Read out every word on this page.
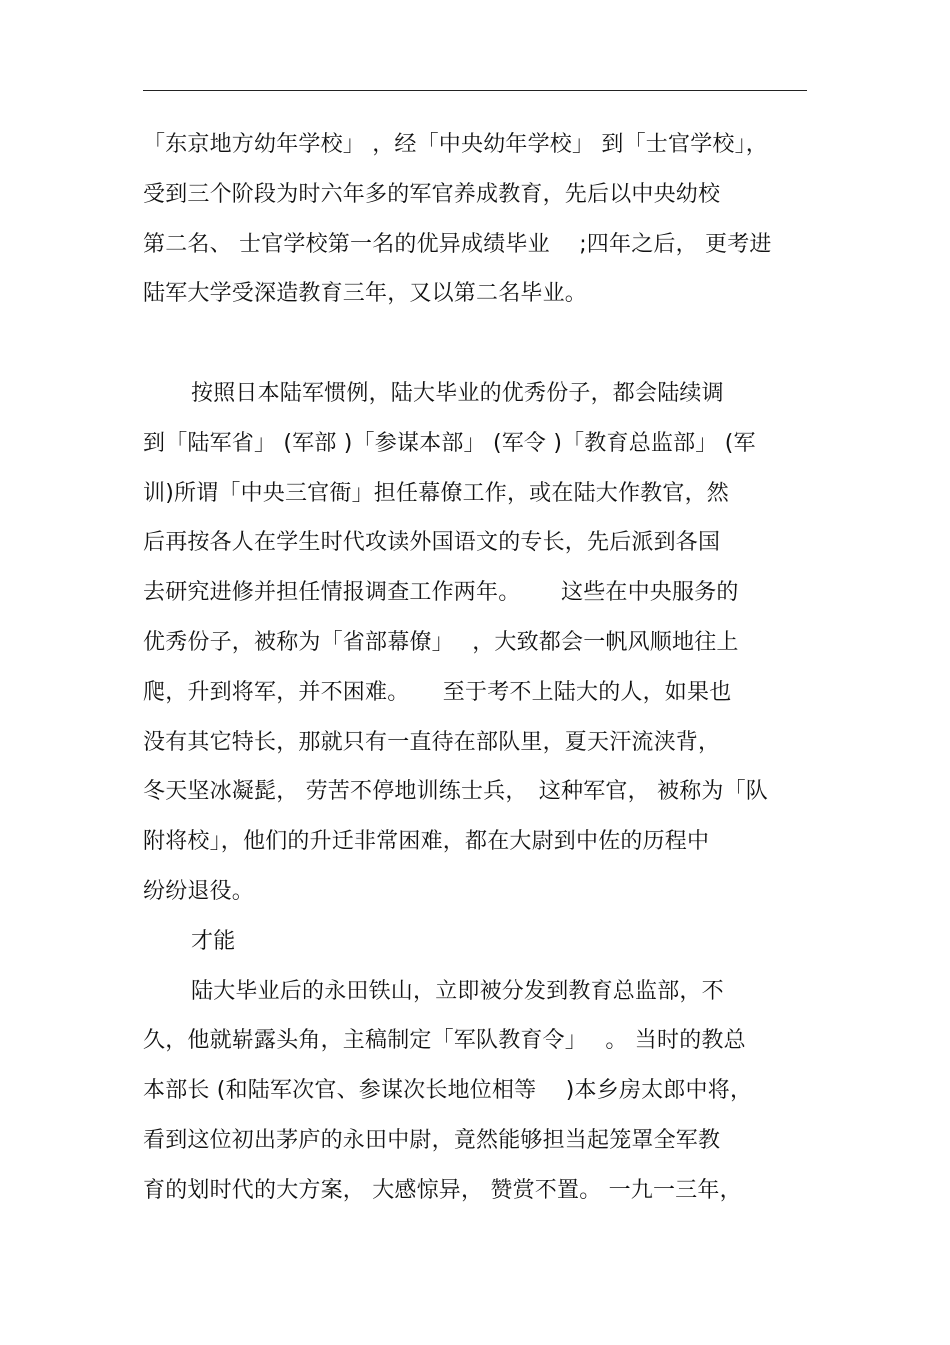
「东京地方幼年学校」 ，经「中央幼年学校」 到「士官学校」，
受到三个阶段为时六年多的军官养成教育，先后以中央幼校
第二名、 士官学校第一名的优异成绩毕业　 ;四年之后， 更考进
陆军大学受深造教育三年，又以第二名毕业。
按照日本陆军惯例，陆大毕业的优秀份子，都会陆续调
到「陆军省」 (军部 )「参谋本部」 (军令 )「教育总监部」 (军
训)所谓「中央三官衙」担任幕僚工作，或在陆大作教官，然
后再按各人在学生时代攻读外国语文的专长，先后派到各国
去研究进修并担任情报调查工作两年。　　 这些在中央服务的
优秀份子，被称为「省部幕僚」　 ，大致都会一帆风顺地往上
爬，升到将军，并不困难。　　至于考不上陆大的人，如果也
没有其它特长，那就只有一直待在部队里，夏天汗流浃背，
冬天坚冰凝髭， 劳苦不停地训练士兵，　这种军官， 被称为「队
附将校」，他们的升迁非常困难，都在大尉到中佐的历程中
纷纷退役。
才能
陆大毕业后的永田铁山，立即被分发到教育总监部，不
久，他就崭露头角，主稿制定「军队教育令」　 。 当时的教总
本部长 (和陆军次官、参谋次长地位相等　 )本乡房太郎中将，
看到这位初出茅庐的永田中尉，竟然能够担当起笼罩全军教
育的划时代的大方案， 大感惊异， 赞赏不置。 一九一三年，
